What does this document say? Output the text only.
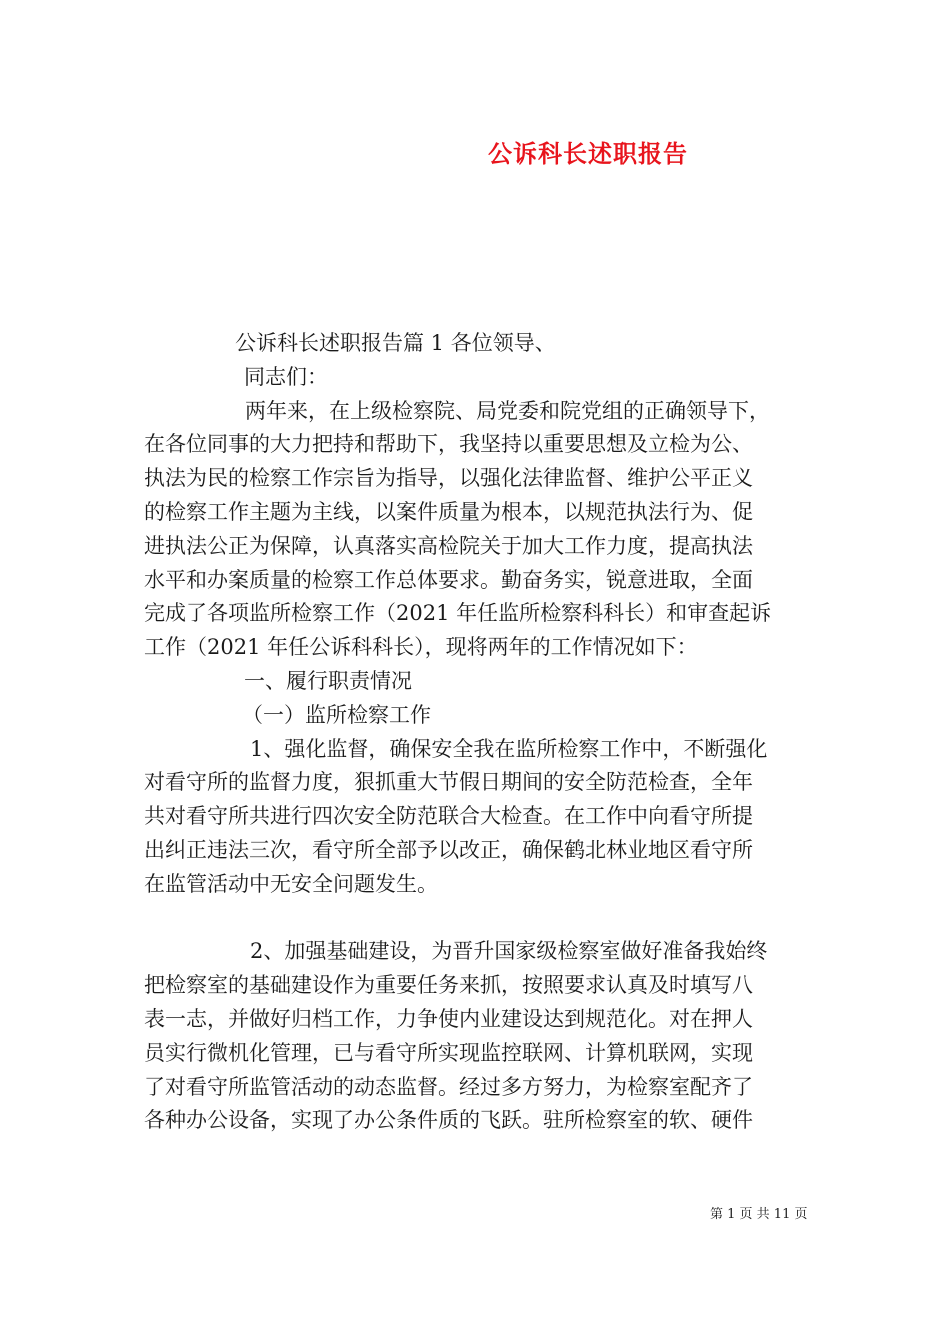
公诉科长述职报告
公诉科长述职报告篇 1 各位领导、
同志们：
两年来，在上级检察院、局党委和院党组的正确领导下，
在各位同事的大力把持和帮助下，我坚持以重要思想及立检为公、
执法为民的检察工作宗旨为指导，以强化法律监督、维护公平正义
的检察工作主题为主线，以案件质量为根本，以规范执法行为、促
进执法公正为保障，认真落实高检院关于加大工作力度，提高执法
水平和办案质量的检察工作总体要求。勤奋务实，锐意进取，全面
完成了各项监所检察工作（2021 年任监所检察科科长）和审查起诉
工作（2021 年任公诉科科长），现将两年的工作情况如下：
一、履行职责情况
（一）监所检察工作
1、强化监督，确保安全我在监所检察工作中，不断强化
对看守所的监督力度，狠抓重大节假日期间的安全防范检查，全年
共对看守所共进行四次安全防范联合大检查。在工作中向看守所提
出纠正违法三次，看守所全部予以改正，确保鹤北林业地区看守所
在监管活动中无安全问题发生。
2、加强基础建设，为晋升国家级检察室做好准备我始终
把检察室的基础建设作为重要任务来抓，按照要求认真及时填写八
表一志，并做好归档工作，力争使内业建设达到规范化。对在押人
员实行微机化管理，已与看守所实现监控联网、计算机联网，实现
了对看守所监管活动的动态监督。经过多方努力，为检察室配齐了
各种办公设备，实现了办公条件质的飞跃。驻所检察室的软、硬件
第 1 页 共 11 页
